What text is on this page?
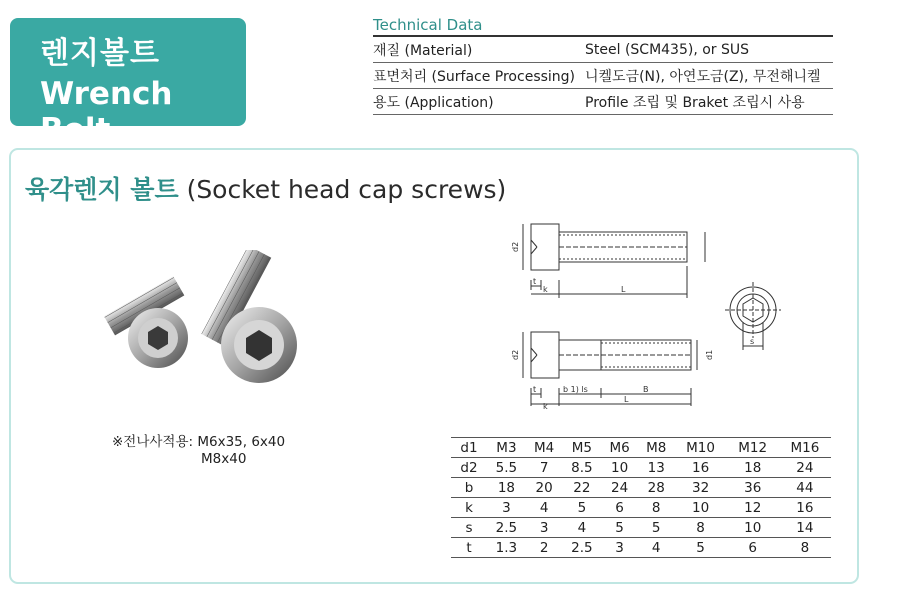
렌지볼트
Wrench Bolt
Technical Data
재질 (Material)	Steel (SCM435), or SUS
표면처리 (Surface Processing)	니켈도금(N), 아연도금(Z), 무전해니켈
용도 (Application)	Profile 조립 및 Braket 조립시 사용
육각렌지 볼트 (Socket head cap screws)
※전나사적용: M6x35, 6x40
M8x40
d2
t
k	L
d2	d1
t
k
b 1) ls	B
L
s
d1	M3	M4	M5	M6	M8	M10	M12	M16
d2	5.5	7	8.5	10	13	16	18	24
b	18	20	22	24	28	32	36	44
k	3	4	5	6	8	10	12	16
s	2.5	3	4	5	5	8	10	14
t	1.3	2	2.5	3	4	5	6	8
